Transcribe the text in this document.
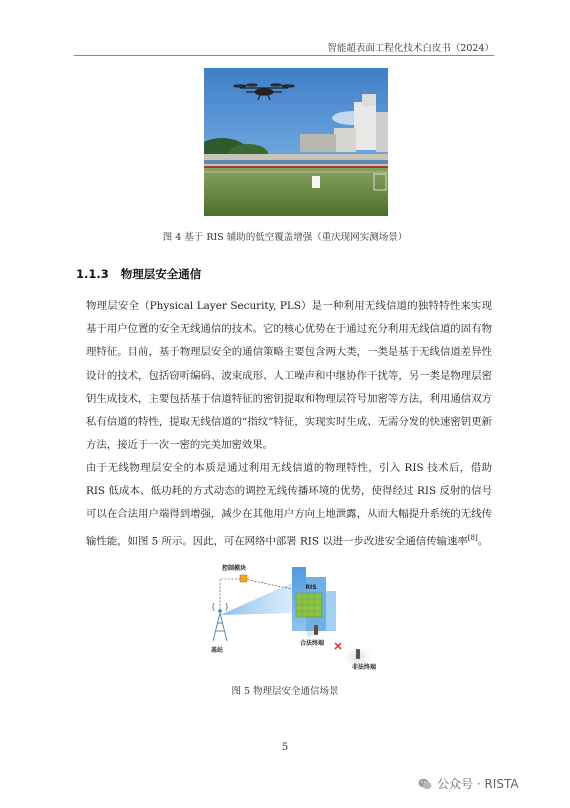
智能超表面工程化技术白皮书（2024）
图 4 基于 RIS 辅助的低空覆盖增强（重庆现网实测场景）
1.1.3 物理层安全通信
物理层安全（Physical Layer Security, PLS）是一种利用无线信道的独特特性来实现基于用户位置的安全无线通信的技术。它的核心优势在于通过充分利用无线信道的固有物理特征。目前，基于物理层安全的通信策略主要包含两大类，一类是基于无线信道差异性设计的技术，包括窃听编码、波束成形、人工噪声和中继协作干扰等，另一类是物理层密钥生成技术，主要包括基于信道特征的密钥提取和物理层符号加密等方法，利用通信双方私有信道的特性，提取无线信道的“指纹”特征，实现实时生成、无需分发的快速密钥更新方法，接近于一次一密的完美加密效果。
由于无线物理层安全的本质是通过利用无线信道的物理特性，引入 RIS 技术后，借助 RIS 低成本、低功耗的方式动态的调控无线传播环境的优势，使得经过 RIS 反射的信号可以在合法用户端得到增强，减少在其他用户方向上地泄露，从而大幅提升系统的无线传输性能，如图 5 所示。因此，可在网络中部署 RIS 以进一步改进安全通信传输速率[8]。
控制模块
RIS
基站
合法终端
非法终端
图 5 物理层安全通信场景
5
公众号 · RISTA
